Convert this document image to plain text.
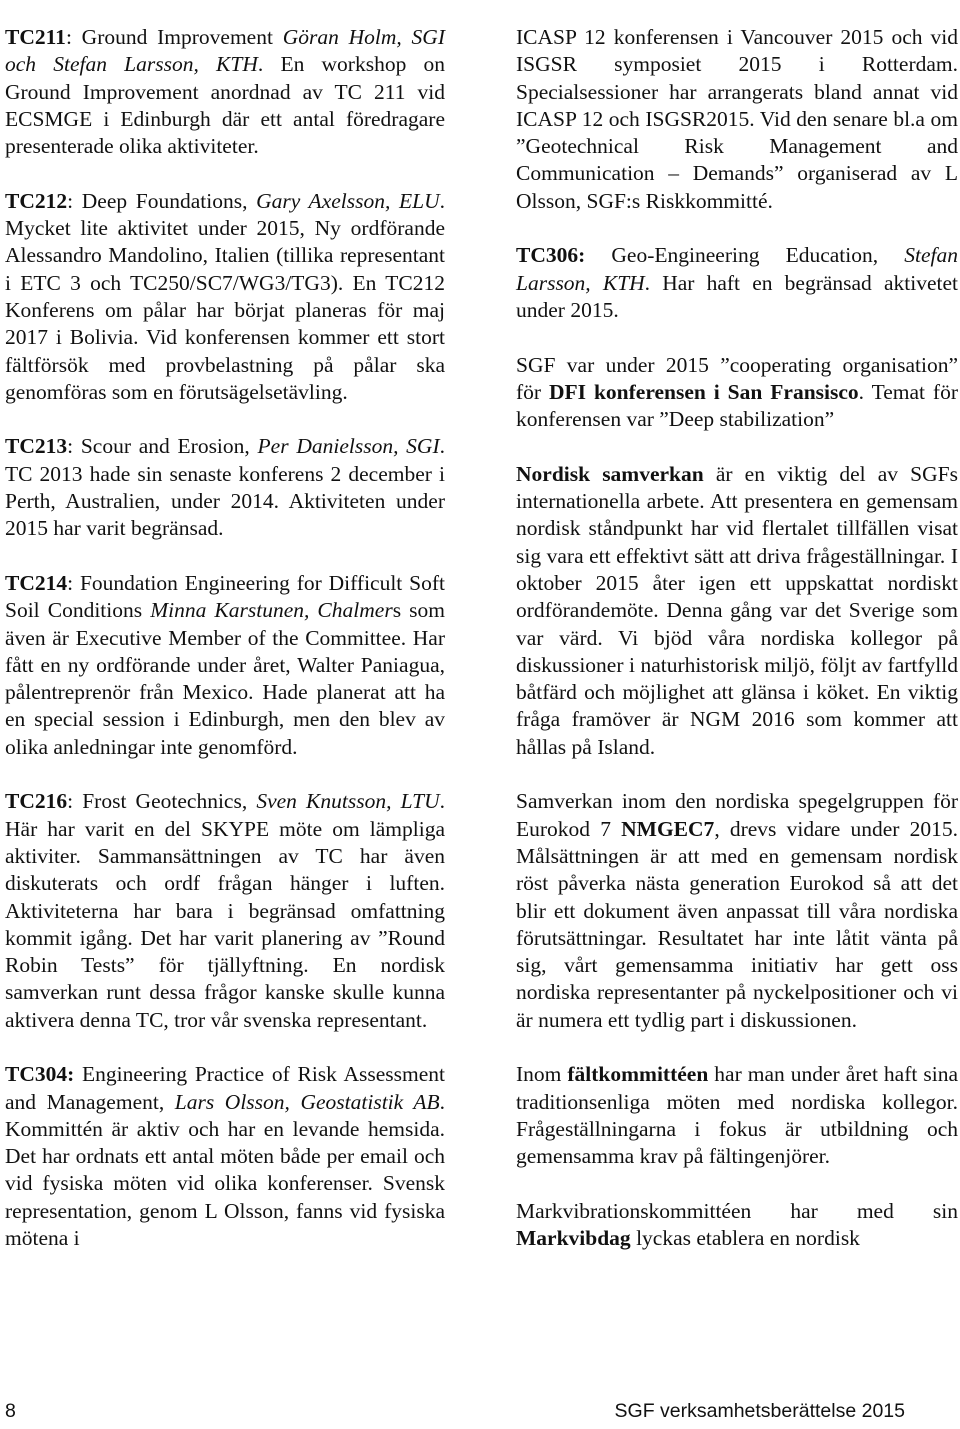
TC211: Ground Improvement Göran Holm, SGI och Stefan Larsson, KTH. En workshop on Ground Improvement anordnad av TC 211 vid ECSMGE i Edinburgh där ett antal föredragare presenterade olika aktiviteter.

TC212: Deep Foundations, Gary Axelsson, ELU. Mycket lite aktivitet under 2015, Ny ordförande Alessandro Mandolino, Italien (tillika representant i ETC 3 och TC250/SC7/WG3/TG3). En TC212 Konferens om pålar har börjat planeras för maj 2017 i Bolivia. Vid konferensen kommer ett stort fältförsök med provbelastning på pålar ska genomföras som en förutsägelsetävling.

TC213: Scour and Erosion, Per Danielsson, SGI. TC 2013 hade sin senaste konferens 2 december i Perth, Australien, under 2014. Aktiviteten under 2015 har varit begränsad.

TC214: Foundation Engineering for Difficult Soft Soil Conditions Minna Karstunen, Chalmers som även är Executive Member of the Committee. Har fått en ny ordförande under året, Walter Paniagua, pålentreprenör från Mexico. Hade planerat att ha en special session i Edinburgh, men den blev av olika anledningar inte genomförd.

TC216: Frost Geotechnics, Sven Knutsson, LTU. Här har varit en del SKYPE möte om lämpliga aktiviter. Sammansättningen av TC har även diskuterats och ordf frågan hänger i luften. Aktiviteterna har bara i begränsad omfattning kommit igång. Det har varit planering av ”Round Robin Tests” för tjällyftning. En nordisk samverkan runt dessa frågor kanske skulle kunna aktivera denna TC, tror vår svenska representant.

TC304: Engineering Practice of Risk Assessment and Management, Lars Olsson, Geostatistik AB. Kommittén är aktiv och har en levande hemsida. Det har ordnats ett antal möten både per email och vid fysiska möten vid olika konferenser. Svensk representation, genom L Olsson, fanns vid fysiska mötena i

ICASP 12 konferensen i Vancouver 2015 och vid ISGSR symposiet 2015 i Rotterdam. Specialsessioner har arrangerats bland annat vid ICASP 12 och ISGSR2015. Vid den senare bl.a om ”Geotechnical Risk Management and Communication – Demands” organiserad av L Olsson, SGF:s Riskkommitté.

TC306: Geo-Engineering Education, Stefan Larsson, KTH. Har haft en begränsad aktivetet under 2015.

SGF var under 2015 ”cooperating organisation” för DFI konferensen i San Fransisco. Temat för konferensen var ”Deep stabilization”

Nordisk samverkan är en viktig del av SGFs internationella arbete. Att presentera en gemensam nordisk ståndpunkt har vid flertalet tillfällen visat sig vara ett effektivt sätt att driva frågeställningar. I oktober 2015 åter igen ett uppskattat nordiskt ordförandemöte. Denna gång var det Sverige som var värd. Vi bjöd våra nordiska kollegor på diskussioner i naturhistorisk miljö, följt av fartfylld båtfärd och möjlighet att glänsa i köket. En viktig fråga framöver är NGM 2016 som kommer att hållas på Island.

Samverkan inom den nordiska spegelgruppen för Eurokod 7 NMGEC7, drevs vidare under 2015. Målsättningen är att med en gemensam nordisk röst påverka nästa generation Eurokod så att det blir ett dokument även anpassat till våra nordiska förutsättningar. Resultatet har inte låtit vänta på sig, vårt gemensamma initiativ har gett oss nordiska representanter på nyckelpositioner och vi är numera ett tydlig part i diskussionen.

Inom fältkommittéen har man under året haft sina traditionsenliga möten med nordiska kollegor. Frågeställningarna i fokus är utbildning och gemensamma krav på fältingenjörer.

Markvibrationskommittéen har med sin Markvibdag lyckas etablera en nordisk

8	SGF verksamhetsberättelse 2015
